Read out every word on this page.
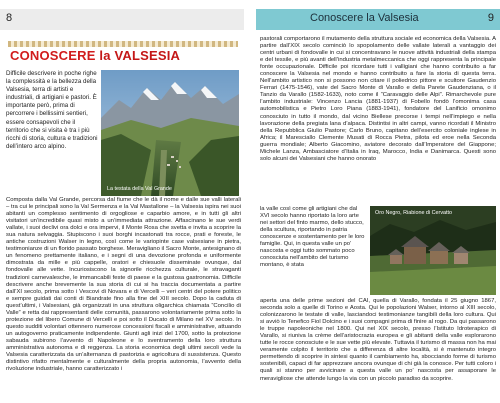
8	Conoscere la Valsesia	9
CONOSCERE la VALSESIA
Difficile descrivere in poche righe la complessità e la bellezza della Valsesia, terra di artisti e industriali, di artigiani e pastori. È importante però, prima di percorrere i bellissimi sentieri, essere consapevoli che il territorio che si visita è tra i più ricchi di storia, cultura e tradizioni dell’intero arco alpino.
La testata della Val Grande
Composta dalla Val Grande, percorsa dal fiume che le dà il nome e dalle sue valli laterali – tra cui le principali sono la Val Sermenza e la Val Mastallone – la Valsesia ispira nei suoi abitanti un complesso sentimento di orgogliose e caparbio amore, e in tutti gli altri visitatori un’incredibile quasi misto a un’immediata attrazione. Affascinano le sue verdi vallate, i suoi declivi ora dolci e ora impervi, il Monte Rosa che svetta e invita a scoprire la sua natura selvaggia. Stupiscono i suoi borghi incastonati tra rocce, prati e foreste, le antiche costruzioni Walser in legno, così come le variopinte case valsesiane in pietra, testimonianze di un florido passato borghese. Meravigliano il Sacro Monte, antesignano di un fenomeno prettamente italiano, e i segni di una devozione profonda e uniformente dimostrata da mille e più cappelle, oratori e chiesuole disseminate ovunque, dal fondovalle alle vette. Incuriosiscono la signorile ricchezza culturale, le stravaganti tradizioni carnevalesche, le immancabili feste di paese e la gustosa gastronomia. Difficile descrivere anche brevemente la sua storia di cui si ha traccia documentata a partire dall’XI secolo, prima sotto i Vescovi di Novara e di Vercelli – veri centri del potere politico e sempre guidati dai conti di Biandrate fino alla fine del XIII secolo. Dopo la caduta di quest’ultimi, i Valsesiani, già organizzati in una struttura oligarchica chiamata “Concilio di Valle” e retta dai rappresentanti delle comunità, passarono volontariamente prima sotto la protezione del libero Comune di Vercelli e poi sotto il Ducato di Milano nel XV secolo. In questo sudditi volontari ottennero numerose concessioni fiscali e amministrative, attuando un autogoverno praticamente indipendente. Giunti agli inizi del 1700, sotto la protezione sabauda subirono l’avvento di Napoleone e lo sventramento della loro struttura amministrativa autonoma e di reggenza. La storia economica degli ultimi secoli vede la Valsesia caratterizzata da un’alternanza di pastorizia e agricoltura di sussistenza. Questo distintivo rifatto mentalmente e culturalmente della propria autonomia, l’avvento della rivoluzione industriale, hanno caratterizzato i
pastorali comportarono il mutamento della struttura sociale ed economica della Valsesia. A partire dall’XIX secolo cominciò lo spopolamento delle vallate laterali a vantaggio dei centri urbani di fondovalle in cui si concentravano le nuove attività industriali della stampa e del tessile, e più avanti dell’industria metalmeccanica che oggi rappresenta la principale fonte occupazionale. Difficile poi ricordare tutti i valligiani che hanno contribuito a far conoscere la Valsesia nel mondo e hanno contribuito a fare la storia di questa terra. Nell’ambito artistico non si possono non citare il poliedrico pittore e scultore Gaudenzio Ferrari (1475-1546), vate del Sacro Monte di Varallo e della Parete Gaudenziana, o il Tanzio da Varallo (1582-1633), noto come il “Caravaggio delle Alpi”. Rimarchevole pure l’ambito industriale: Vincenzo Lancia (1881-1937) di Fobello fondò l’omonima casa automobilistica e Pietro Loro Piana (1883-1941), fondatore del Lanificio omonimo conosciuto in tutto il mondo, dal vicino Biellese precorse i tempi nell’impiego e nella lavorazione della pregiata lana d’alpaca. Distintisi in altri campi, vanno ricordati il Ministro della Repubblica Giulio Pastore; Carlo Bruno, capitano dell’esercito coloniale inglese in Africa; il Maresciallo Clemente Musati di Rocca Pietra, pilota ed eroe nella Seconda guerra mondiale; Alberto Giacomino, aviatore decorato dall’Imperatore del Giappone; Michele Lanza, Ambasciatore d’Italia in Iraq, Marocco, India e Danimarca. Questi sono solo alcuni dei Valsesiani che hanno onorato
la valle così come gli artigiani che dal XVI secolo hanno riportato la loro arte nei settori del finto marmo, dello stucco, della scultura, riportando in patria conoscenze e sostentamento per le loro famiglie. Qui, in questa valle un po’ nascosta e oggi tutto sommato poco conosciuta nell’ambito del turismo montano, è stata
Oro Negro, Riabione di Cervatto
aperta una delle prime sezioni del CAI, quella di Varallo, fondata il 25 giugno 1867, seconda solo a quelle di Torino e Aosta. Qui le popolazioni Walser, intorno al XIII secolo, colonizzarono le testate di valle, lasciandoci testimonianze tangibili della loro cultura. Qui si avviò lo Tenefico Fiol Dolcino e i suoi compagni prima di finire al rogo. Da qui passarono le truppe napoleoniche nel 1800. Qui nel XIX secolo, presso l’Istituto Idroterapico di Varallo, si riuniva la crème dell’aristocrazia europea e gli abitanti della valle esplorarono tutte le rocce conosciute e le sue vette più elevate. Tuttavia il turismo di massa non ha mai veramente colpito il territorio che a differenza di altre località, si è mantenuto integro permettendo di scoprire in sintesi quanto il cambiamento ha, sbocciando forme di turismo sostenibili, capaci di far apprezzare ancora ovunque di chi già la conosce. Per tutti coloro i quali si stanno per avvicinare a questa valle un po’ nascosta per assaporare le meravigliose che attende lungo la via con un piccolo paradiso da scoprire.
